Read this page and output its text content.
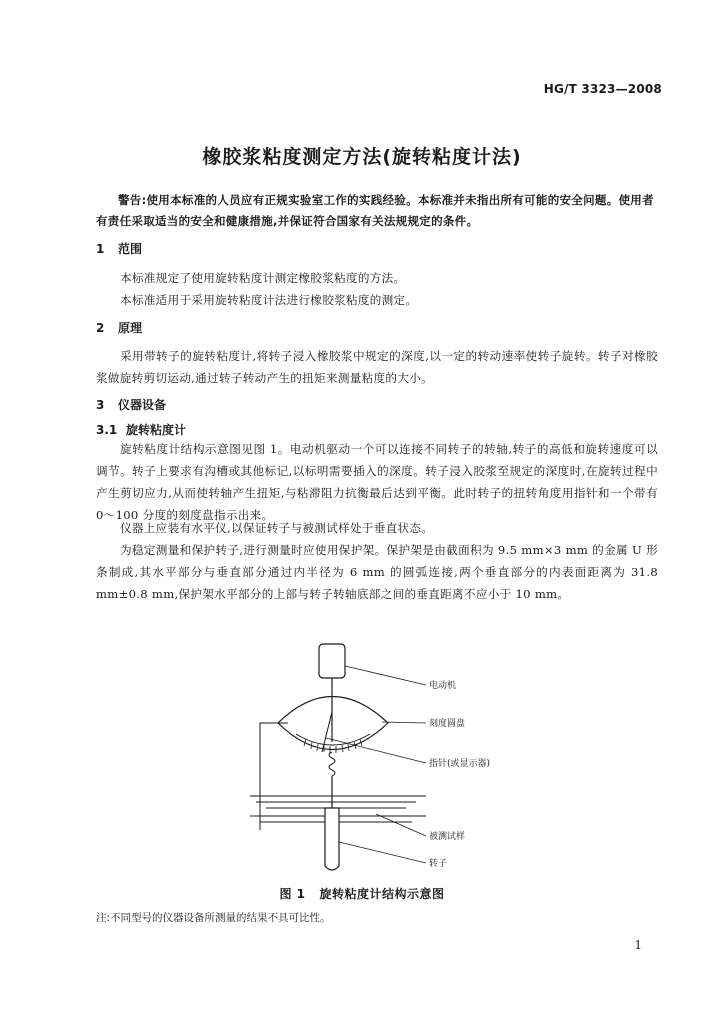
HG/T 3323—2008
橡胶浆粘度测定方法(旋转粘度计法)
警告:使用本标准的人员应有正规实验室工作的实践经验。本标准并未指出所有可能的安全问题。使用者有责任采取适当的安全和健康措施,并保证符合国家有关法规规定的条件。
1 范围
本标准规定了使用旋转粘度计测定橡胶浆粘度的方法。
本标准适用于采用旋转粘度计法进行橡胶浆粘度的测定。
2 原理
采用带转子的旋转粘度计,将转子浸入橡胶浆中规定的深度,以一定的转动速率使转子旋转。转子对橡胶浆做旋转剪切运动,通过转子转动产生的扭矩来测量粘度的大小。
3 仪器设备
3.1 旋转粘度计
旋转粘度计结构示意图见图 1。电动机驱动一个可以连接不同转子的转轴,转子的高低和旋转速度可以调节。转子上要求有沟槽或其他标记,以标明需要插入的深度。转子浸入胶浆至规定的深度时,在旋转过程中产生剪切应力,从而使转轴产生扭矩,与粘滞阻力抗衡最后达到平衡。此时转子的扭转角度用指针和一个带有 0～100 分度的刻度盘指示出来。
仪器上应装有水平仪,以保证转子与被测试样处于垂直状态。
为稳定测量和保护转子,进行测量时应使用保护架。保护架是由截面积为 9.5 mm×3 mm 的金属 U 形条制成,其水平部分与垂直部分通过内半径为 6 mm 的圆弧连接,两个垂直部分的内表面距离为 31.8 mm±0.8 mm,保护架水平部分的上部与转子转轴底部之间的垂直距离不应小于 10 mm。
电动机
刻度圆盘
指针(或显示器)
被测试样
转子
图 1 旋转粘度计结构示意图
注:不同型号的仪器设备所测量的结果不具可比性。
1
